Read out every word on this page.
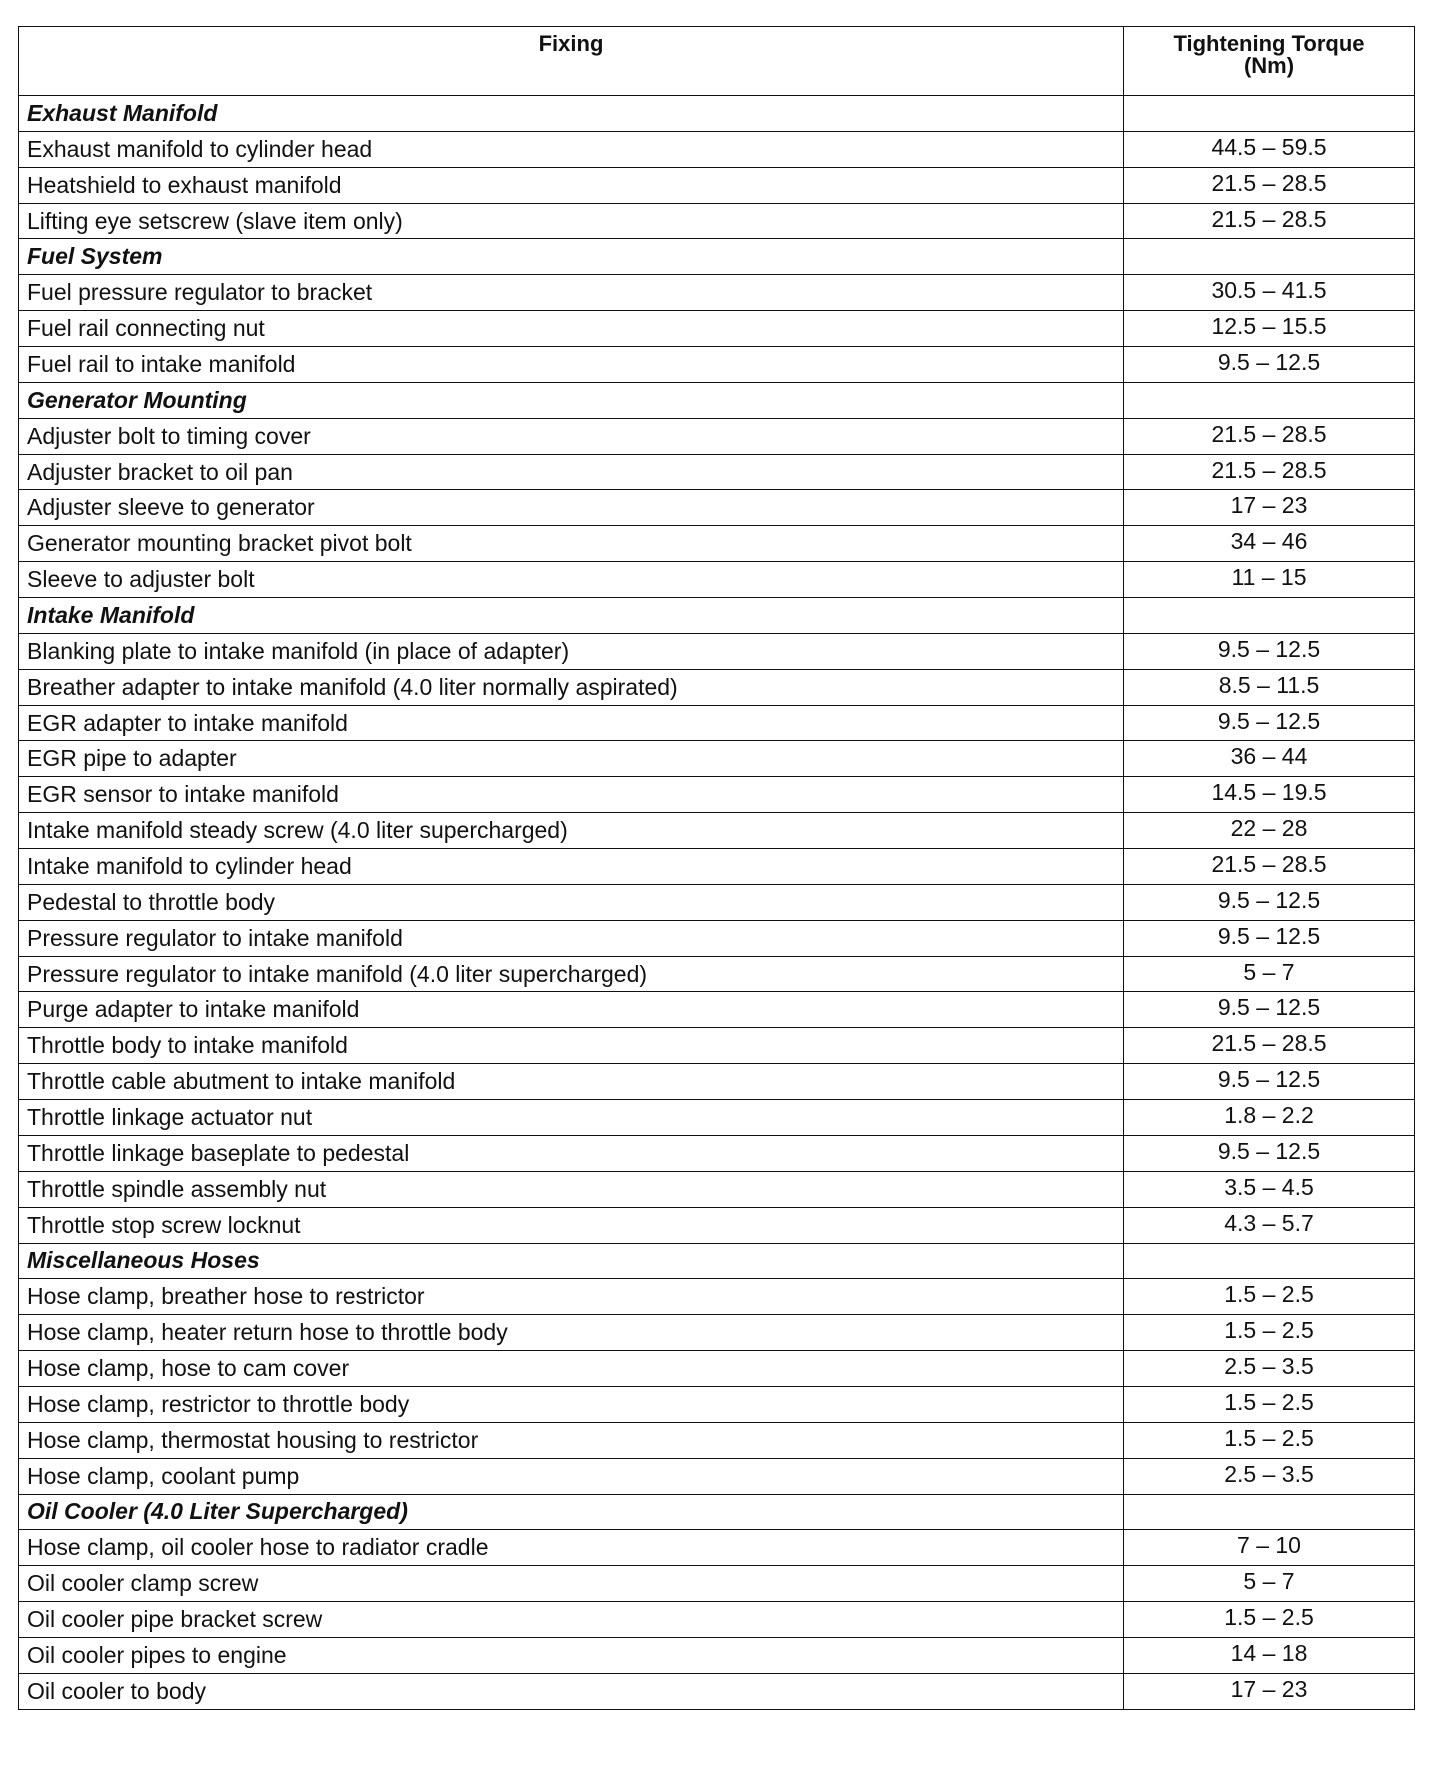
Fixing	Tightening Torque
(Nm)

Exhaust Manifold	
Exhaust manifold to cylinder head	44.5 – 59.5
Heatshield to exhaust manifold	21.5 – 28.5
Lifting eye setscrew (slave item only)	21.5 – 28.5
Fuel System	
Fuel pressure regulator to bracket	30.5 – 41.5
Fuel rail connecting nut	12.5 – 15.5
Fuel rail to intake manifold	9.5 – 12.5
Generator Mounting	
Adjuster bolt to timing cover	21.5 – 28.5
Adjuster bracket to oil pan	21.5 – 28.5
Adjuster sleeve to generator	17 – 23
Generator mounting bracket pivot bolt	34 – 46
Sleeve to adjuster bolt	11 – 15
Intake Manifold	
Blanking plate to intake manifold (in place of adapter)	9.5 – 12.5
Breather adapter to intake manifold (4.0 liter normally aspirated)	8.5 – 11.5
EGR adapter to intake manifold	9.5 – 12.5
EGR pipe to adapter	36 – 44
EGR sensor to intake manifold	14.5 – 19.5
Intake manifold steady screw (4.0 liter supercharged)	22 – 28
Intake manifold to cylinder head	21.5 – 28.5
Pedestal to throttle body	9.5 – 12.5
Pressure regulator to intake manifold	9.5 – 12.5
Pressure regulator to intake manifold (4.0 liter supercharged)	5 – 7
Purge adapter to intake manifold	9.5 – 12.5
Throttle body to intake manifold	21.5 – 28.5
Throttle cable abutment to intake manifold	9.5 – 12.5
Throttle linkage actuator nut	1.8 – 2.2
Throttle linkage baseplate to pedestal	9.5 – 12.5
Throttle spindle assembly nut	3.5 – 4.5
Throttle stop screw locknut	4.3 – 5.7
Miscellaneous Hoses	
Hose clamp, breather hose to restrictor	1.5 – 2.5
Hose clamp, heater return hose to throttle body	1.5 – 2.5
Hose clamp, hose to cam cover	2.5 – 3.5
Hose clamp, restrictor to throttle body	1.5 – 2.5
Hose clamp, thermostat housing to restrictor	1.5 – 2.5
Hose clamp, coolant pump	2.5 – 3.5
Oil Cooler (4.0 Liter Supercharged)	
Hose clamp, oil cooler hose to radiator cradle	7 – 10
Oil cooler clamp screw	5 – 7
Oil cooler pipe bracket screw	1.5 – 2.5
Oil cooler pipes to engine	14 – 18
Oil cooler to body	17 – 23
